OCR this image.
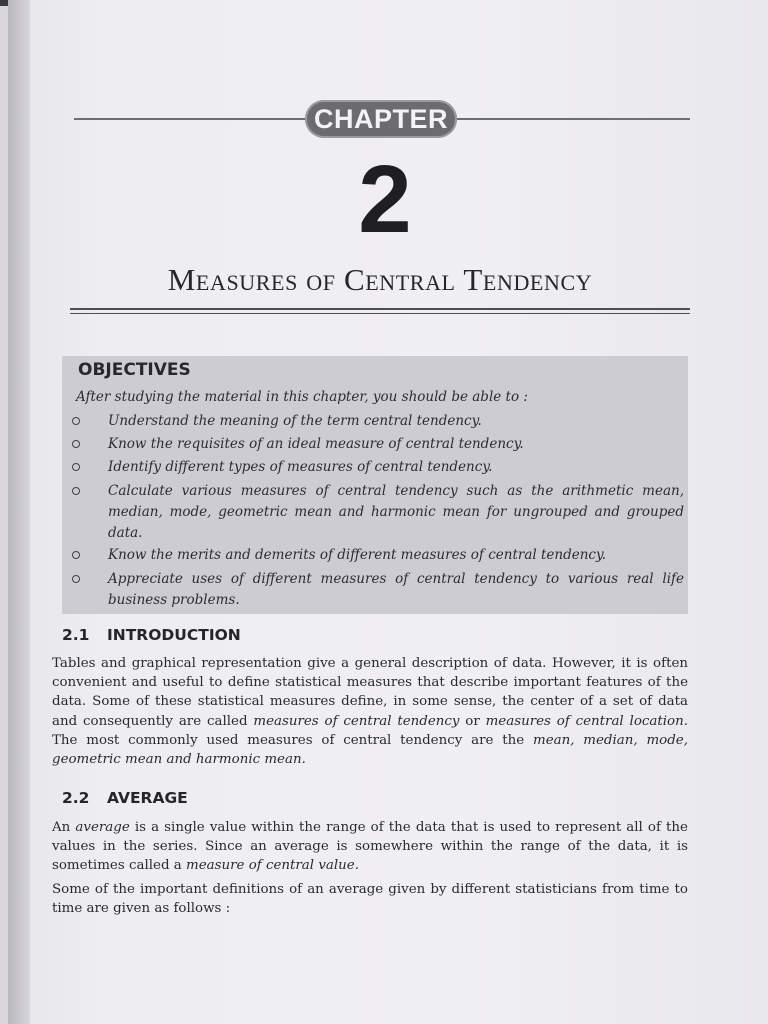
CHAPTER
2
Measures of Central Tendency
OBJECTIVES
After studying the material in this chapter, you should be able to :
Understand the meaning of the term central tendency.
Know the requisites of an ideal measure of central tendency.
Identify different types of measures of central tendency.
Calculate various measures of central tendency such as the arithmetic mean, median, mode, geometric mean and harmonic mean for ungrouped and grouped data.
Know the merits and demerits of different measures of central tendency.
Appreciate uses of different measures of central tendency to various real life business problems.
2.1 INTRODUCTION
Tables and graphical representation give a general description of data. However, it is often convenient and useful to define statistical measures that describe important features of the data. Some of these statistical measures define, in some sense, the center of a set of data and consequently are called measures of central tendency or measures of central location. The most commonly used measures of central tendency are the mean, median, mode, geometric mean and harmonic mean.
2.2 AVERAGE
An average is a single value within the range of the data that is used to represent all of the values in the series. Since an average is somewhere within the range of the data, it is sometimes called a measure of central value.
Some of the important definitions of an average given by different statisticians from time to time are given as follows :
